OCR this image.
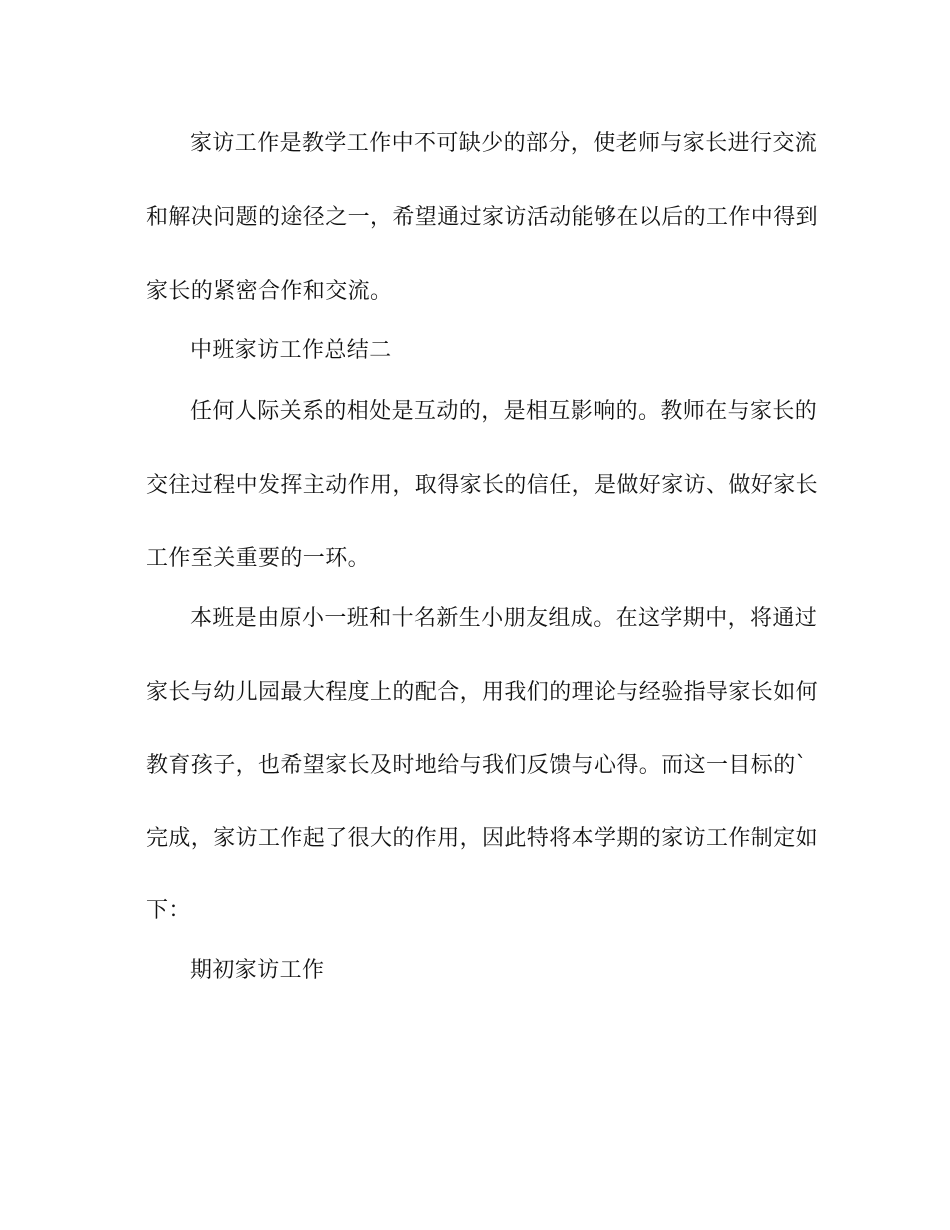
家访工作是教学工作中不可缺少的部分，使老师与家长进行交流
和解决问题的途径之一，希望通过家访活动能够在以后的工作中得到
家长的紧密合作和交流。
中班家访工作总结二
任何人际关系的相处是互动的，是相互影响的。教师在与家长的
交往过程中发挥主动作用，取得家长的信任，是做好家访、做好家长
工作至关重要的一环。
本班是由原小一班和十名新生小朋友组成。在这学期中，将通过
家长与幼儿园最大程度上的配合，用我们的理论与经验指导家长如何
教育孩子，也希望家长及时地给与我们反馈与心得。而这一目标的`
完成，家访工作起了很大的作用，因此特将本学期的家访工作制定如
下：
期初家访工作
